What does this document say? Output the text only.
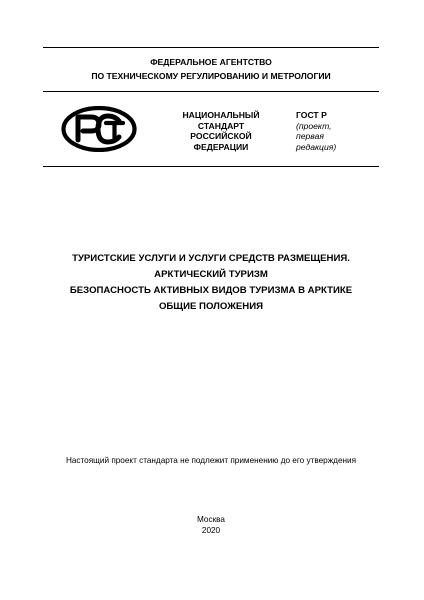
ФЕДЕРАЛЬНОЕ АГЕНТСТВО
ПО ТЕХНИЧЕСКОМУ РЕГУЛИРОВАНИЮ И МЕТРОЛОГИИ
НАЦИОНАЛЬНЫЙ
СТАНДАРТ
РОССИЙСКОЙ
ФЕДЕРАЦИИ
ГОСТ Р
(проект,
первая
редакция)
ТУРИСТСКИЕ УСЛУГИ И УСЛУГИ СРЕДСТВ РАЗМЕЩЕНИЯ.
АРКТИЧЕСКИЙ ТУРИЗМ
БЕЗОПАСНОСТЬ АКТИВНЫХ ВИДОВ ТУРИЗМА В АРКТИКЕ
ОБЩИЕ ПОЛОЖЕНИЯ
Настоящий проект стандарта не подлежит применению до его утверждения
Москва
2020
